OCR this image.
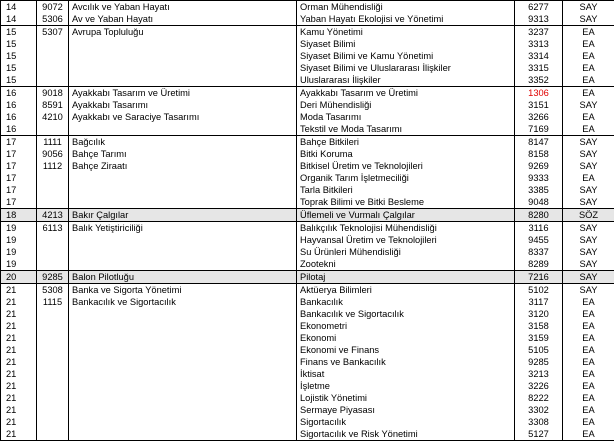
14	9072	Avcılık ve Yaban Hayatı	Orman Mühendisliği	6277	SAY
14	5306	Av ve Yaban Hayatı	Yaban Hayatı Ekolojisi ve Yönetimi	9313	SAY
15	5307	Avrupa Topluluğu	Kamu Yönetimi	3237	EA
15			Siyaset Bilimi	3313	EA
15			Siyaset Bilimi ve Kamu Yönetimi	3314	EA
15			Siyaset Bilimi ve Uluslararası İlişkiler	3315	EA
15			Uluslararası İlişkiler	3352	EA
16	9018	Ayakkabı Tasarım ve Üretimi	Ayakkabı Tasarım ve Üretimi	1306	EA
16	8591	Ayakkabı Tasarımı	Deri Mühendisliği	3151	SAY
16	4210	Ayakkabı ve Saraciye Tasarımı	Moda Tasarımı	3266	EA
16			Tekstil ve Moda Tasarımı	7169	EA
17	1111	Bağcılık	Bahçe Bitkileri	8147	SAY
17	9056	Bahçe Tarımı	Bitki Koruma	8158	SAY
17	1112	Bahçe Ziraatı	Bitkisel Üretim ve Teknolojileri	9269	SAY
17			Organik Tarım İşletmeciliği	9333	EA
17			Tarla Bitkileri	3385	SAY
17			Toprak Bilimi ve Bitki Besleme	9048	SAY
18	4213	Bakır Çalgılar	Üflemeli ve Vurmalı Çalgılar	8280	SÖZ
19	6113	Balık Yetiştiriciliği	Balıkçılık Teknolojisi Mühendisliği	3116	SAY
19			Hayvansal Üretim ve Teknolojileri	9455	SAY
19			Su Ürünleri Mühendisliği	8337	SAY
19			Zootekni	8289	SAY
20	9285	Balon Pilotluğu	Pilotaj	7216	SAY
21	5308	Banka ve Sigorta Yönetimi	Aktüerya Bilimleri	5102	SAY
21	1115	Bankacılık ve Sigortacılık	Bankacılık	3117	EA
21			Bankacılık ve Sigortacılık	3120	EA
21			Ekonometri	3158	EA
21			Ekonomi	3159	EA
21			Ekonomi ve Finans	5105	EA
21			Finans ve Bankacılık	9285	EA
21			İktisat	3213	EA
21			İşletme	3226	EA
21			Lojistik Yönetimi	8222	EA
21			Sermaye Piyasası	3302	EA
21			Sigortacılık	3308	EA
21			Sigortacılık ve Risk Yönetimi	5127	EA
